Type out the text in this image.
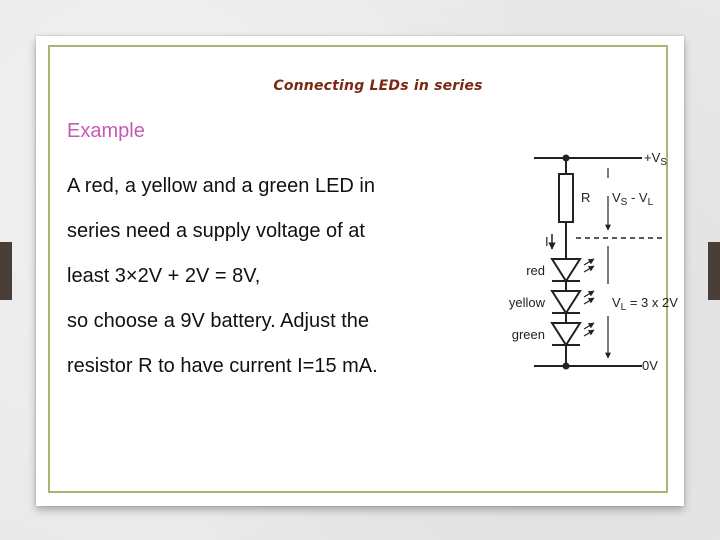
Connecting LEDs in series
Example
A red, a yellow and a green LED in
series need a supply voltage of at
least 3×2V + 2V = 8V,
so choose a 9V battery. Adjust the
resistor R to have current I=15 mA.
$+V_S$
R $V_S - V_L$
I
red
yellow
green
$V_L = 3$ x 2V
0V
